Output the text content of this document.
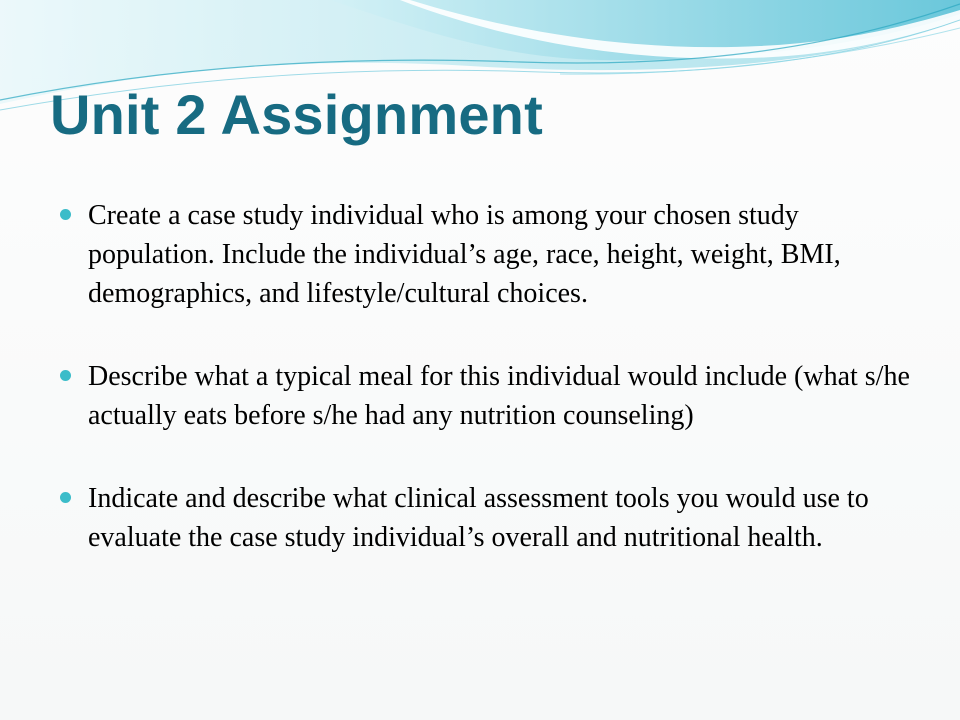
Unit 2 Assignment
Create a case study individual who is among your chosen study population. Include the individual’s age, race, height, weight, BMI, demographics, and lifestyle/cultural choices.
Describe what a typical meal for this individual would include (what s/he actually eats before s/he had any nutrition counseling)
Indicate and describe what clinical assessment tools you would use to evaluate the case study individual’s overall and nutritional health.
